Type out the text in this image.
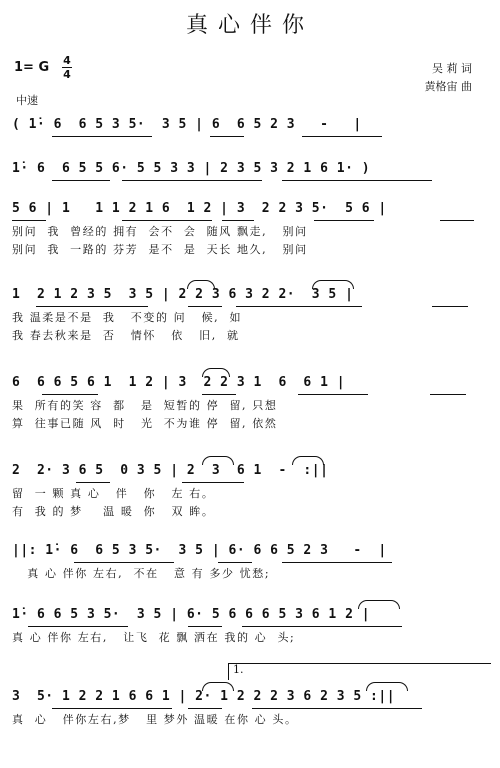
真心伴你
1= G 4
4	吴 莉 词
黄格宙 曲
中速
( 1̇· 6  6 5 3 5·  3 5 | 6  6 5 2 3   -   |
1̇· 6  6 5 5 6· 5 5 3 3 | 2 3 5 3 2 1 6 1· )
5 6 | 1   1 1 2 1 6  1 2 | 3  2 2 3 5·  5 6 |
别问  我  曾经的 拥有  会不  会  随风 飘走,   别问
别问  我  一路的 芬芳  是不  是  天长 地久,   别问
1  2 1 2 3 5  3 5 | 2 2 3 6 3 2 2·  3 5 |
我 温柔是不是  我   不变的 问   候,  如
我 春去秋来是  否   情怀   依   旧,  就
6  6 6 5 6 1  1 2 | 3  2 2 3 1  6  6 1 |
果  所有的笑 容  都   是  短暂的 停  留, 只想
算  往事已随 风  时   光  不为谁 停  留, 依然
2  2· 3 6 5  0 3 5 | 2  3  6 1  -  :||
留  一 颗 真 心   伴   你   左 右。
有  我 的 梦    温 暖  你   双 眸。
||: 1̇· 6  6 5 3 5·  3 5 | 6· 6 6 5 2 3   -  |
真 心 伴你 左右,  不在   意 有 多少 忧愁;
1̇· 6 6 5 3 5·  3 5 | 6· 5 6 6 6 5 3 6 1 2 |
真 心 伴你 左右,   让飞  花 飘 洒在 我的 心  头;
1.
3  5· 1 2 2 1 6 6 1 | 2· 1 2 2 2 3 6 2 3 5 :||
真  心   伴你左右,梦   里 梦外 温暖 在你 心 头。
